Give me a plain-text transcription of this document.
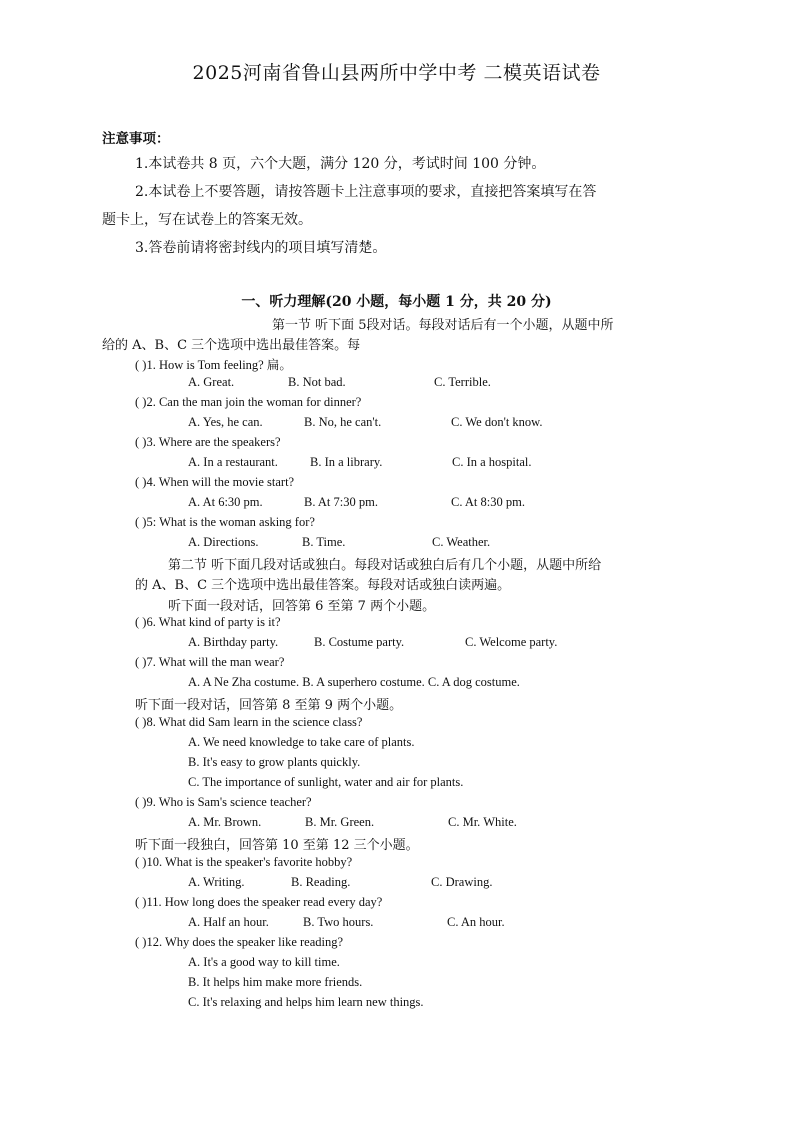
2025河南省鲁山县两所中学中考 二模英语试卷
注意事项：
1.本试卷共 8 页，六个大题，满分 120 分，考试时间 100 分钟。
2.本试卷上不要答题，请按答题卡上注意事项的要求，直接把答案填写在答
题卡上，写在试卷上的答案无效。
3.答卷前请将密封线内的项目填写清楚。
一、听力理解(20 小题，每小题 1 分，共 20 分)
第一节 听下面 5段对话。每段对话后有一个小题，从题中所
给的 A、B、C 三个选项中选出最佳答案。每
( )1. How is Tom feeling? 扁。
A. Great.	B. Not bad.	C. Terrible.
( )2. Can the man join the woman for dinner?
A. Yes, he can.	B. No, he can't.	C. We don't know.
( )3. Where are the speakers?
A. In a restaurant.	B. In a library.	C. In a hospital.
( )4. When will the movie start?
A. At 6:30 pm.	B. At 7:30 pm.	C. At 8:30 pm.
( )5: What is the woman asking for?
A. Directions.	B. Time.	C. Weather.
第二节 听下面几段对话或独白。每段对话或独白后有几个小题，从题中所给
的 A、B、C 三个选项中选出最佳答案。每段对话或独白读两遍。
听下面一段对话，回答第 6 至第 7 两个小题。
( )6. What kind of party is it?
A. Birthday party.	B. Costume party.	C. Welcome party.
( )7. What will the man wear?
A. A Ne Zha costume. B. A superhero costume. C. A dog costume.
听下面一段对话，回答第 8 至第 9 两个小题。
( )8. What did Sam learn in the science class?
A. We need knowledge to take care of plants.
B. It's easy to grow plants quickly.
C. The importance of sunlight, water and air for plants.
( )9. Who is Sam's science teacher?
A. Mr. Brown.	B. Mr. Green.	C. Mr. White.
听下面一段独白，回答第 10 至第 12 三个小题。
( )10. What is the speaker's favorite hobby?
A. Writing.	B. Reading.	C. Drawing.
( )11. How long does the speaker read every day?
A. Half an hour.	B. Two hours.	C. An hour.
( )12. Why does the speaker like reading?
A. It's a good way to kill time.
B. It helps him make more friends.
C. It's relaxing and helps him learn new things.
